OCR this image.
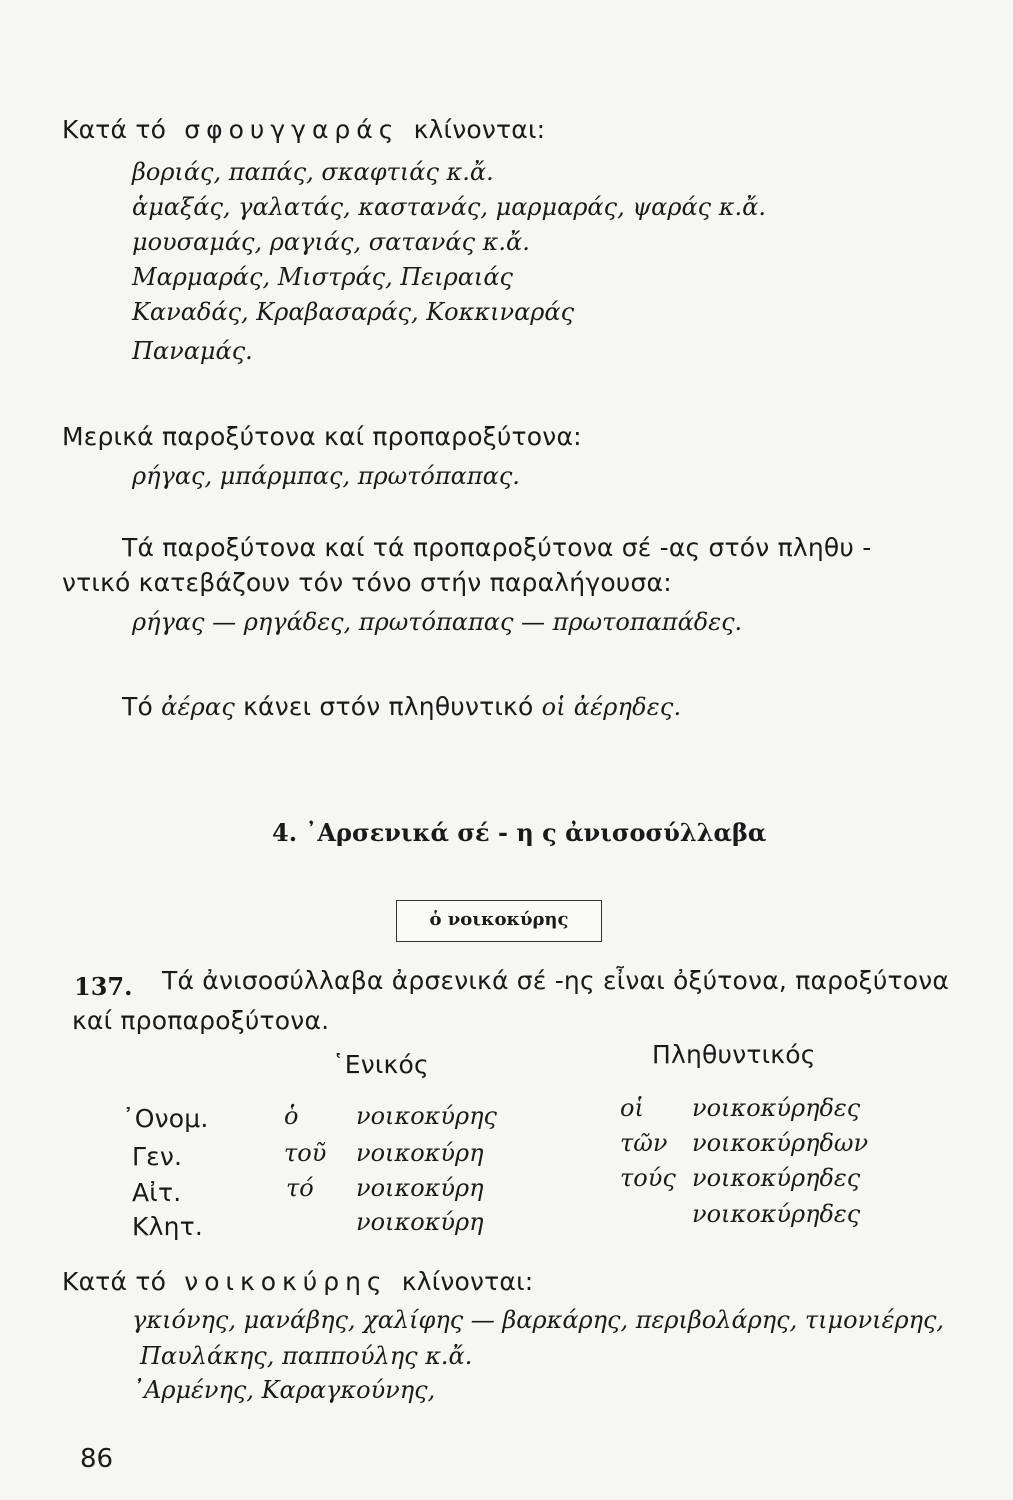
Κατά τό σφουγγαράς κλίνονται:
βοριάς, παπάς, σκαφτιάς κ.ἄ.
ἁμαξάς, γαλατάς, καστανάς, μαρμαράς, ψαράς κ.ἄ.
μουσαμάς, ραγιάς, σατανάς κ.ἄ.
Μαρμαράς, Μιστράς, Πειραιάς
Καναδάς, Κραβασαράς, Κοκκιναράς
Παναμάς.
Μερικά παροξύτονα καί προπαροξύτονα:
ρήγας, μπάρμπας, πρωτόπαπας.
Τά παροξύτονα καί τά προπαροξύτονα σέ -ας στόν πληθυ -
ντικό κατεβάζουν τόν τόνο στήν παραλήγουσα:
ρήγας — ρηγάδες, πρωτόπαπας — πρωτοπαπάδες.
Τό ἀέρας κάνει στόν πληθυντικό οἱ ἀέρηδες.
4. ᾽Αρσενικά σέ - η ς ἀνισοσύλλαβα
ὁ νοικοκύρης
137. Τά ἀνισοσύλλαβα ἀρσενικά σέ -ης εἶναι ὀξύτονα, παροξύτονα
καί προπαροξύτονα.
῾Ενικός	Πληθυντικός
᾽Ονομ.	ὁ νοικοκύρης	οἱ νοικοκύρηδες
Γεν.	τοῦ νοικοκύρη	τῶν νοικοκύρηδων
Αἰτ.	τό νοικοκύρη	τούς νοικοκύρηδες
Κλητ.	νοικοκύρη	νοικοκύρηδες
Κατά τό νοικοκύρης κλίνονται:
γκιόνης, μανάβης, χαλίφης — βαρκάρης, περιβολάρης, τιμονιέρης,
Παυλάκης, παππούλης κ.ἄ.
᾽Αρμένης, Καραγκούνης,
86
